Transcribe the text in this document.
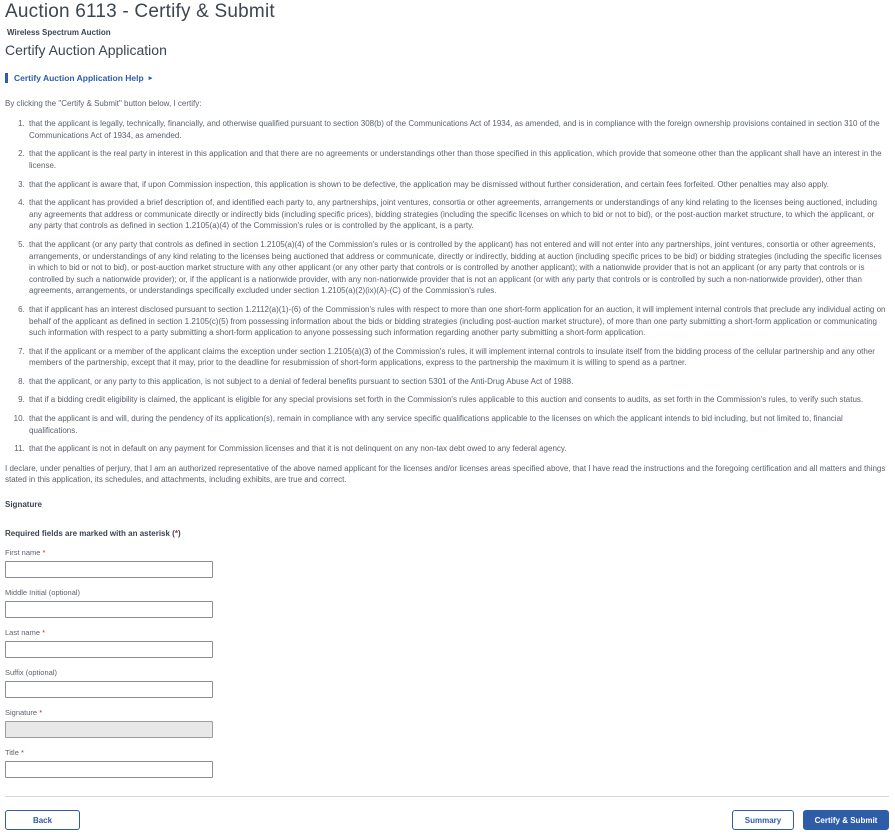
Auction 6113 - Certify & Submit
Wireless Spectrum Auction
Certify Auction Application
Certify Auction Application Help ▸

By clicking the "Certify & Submit" button below, I certify:

1. that the applicant is legally, technically, financially, and otherwise qualified pursuant to section 308(b) of the Communications Act of 1934, as amended, and is in compliance with the foreign ownership provisions contained in section 310 of the Communications Act of 1934, as amended.
2. that the applicant is the real party in interest in this application and that there are no agreements or understandings other than those specified in this application, which provide that someone other than the applicant shall have an interest in the license.
3. that the applicant is aware that, if upon Commission inspection, this application is shown to be defective, the application may be dismissed without further consideration, and certain fees forfeited. Other penalties may also apply.
4. that the applicant has provided a brief description of, and identified each party to, any partnerships, joint ventures, consortia or other agreements, arrangements or understandings of any kind relating to the licenses being auctioned, including any agreements that address or communicate directly or indirectly bids (including specific prices), bidding strategies (including the specific licenses on which to bid or not to bid), or the post-auction market structure, to which the applicant, or any party that controls as defined in section 1.2105(a)(4) of the Commission's rules or is controlled by the applicant, is a party.
5. that the applicant (or any party that controls as defined in section 1.2105(a)(4) of the Commission's rules or is controlled by the applicant) has not entered and will not enter into any partnerships, joint ventures, consortia or other agreements, arrangements, or understandings of any kind relating to the licenses being auctioned that address or communicate, directly or indirectly, bidding at auction (including specific prices to be bid) or bidding strategies (including the specific licenses in which to bid or not to bid), or post-auction market structure with any other applicant (or any other party that controls or is controlled by another applicant); with a nationwide provider that is not an applicant (or any party that controls or is controlled by such a nationwide provider); or, if the applicant is a nationwide provider, with any non-nationwide provider that is not an applicant (or with any party that controls or is controlled by such a non-nationwide provider), other than agreements, arrangements, or understandings specifically excluded under section 1.2105(a)(2)(ix)(A)-(C) of the Commission's rules.
6. that if applicant has an interest disclosed pursuant to section 1.2112(a)(1)-(6) of the Commission's rules with respect to more than one short-form application for an auction, it will implement internal controls that preclude any individual acting on behalf of the applicant as defined in section 1.2105(c)(5) from possessing information about the bids or bidding strategies (including post-auction market structure), of more than one party submitting a short-form application or communicating such information with respect to a party submitting a short-form application to anyone possessing such information regarding another party submitting a short-form application.
7. that if the applicant or a member of the applicant claims the exception under section 1.2105(a)(3) of the Commission's rules, it will implement internal controls to insulate itself from the bidding process of the cellular partnership and any other members of the partnership, except that it may, prior to the deadline for resubmission of short-form applications, express to the partnership the maximum it is willing to spend as a partner.
8. that the applicant, or any party to this application, is not subject to a denial of federal benefits pursuant to section 5301 of the Anti-Drug Abuse Act of 1988.
9. that if a bidding credit eligibility is claimed, the applicant is eligible for any special provisions set forth in the Commission's rules applicable to this auction and consents to audits, as set forth in the Commission's rules, to verify such status.
10. that the applicant is and will, during the pendency of its application(s), remain in compliance with any service specific qualifications applicable to the licenses on which the applicant intends to bid including, but not limited to, financial qualifications.
11. that the applicant is not in default on any payment for Commission licenses and that it is not delinquent on any non-tax debt owed to any federal agency.

I declare, under penalties of perjury, that I am an authorized representative of the above named applicant for the licenses and/or licenses areas specified above, that I have read the instructions and the foregoing certification and all matters and things stated in this application, its schedules, and attachments, including exhibits, are true and correct.

Signature

Required fields are marked with an asterisk (*)

First name *
Middle Initial (optional)
Last name *
Suffix (optional)
Signature *
Title *
Back	Summary	Certify & Submit
